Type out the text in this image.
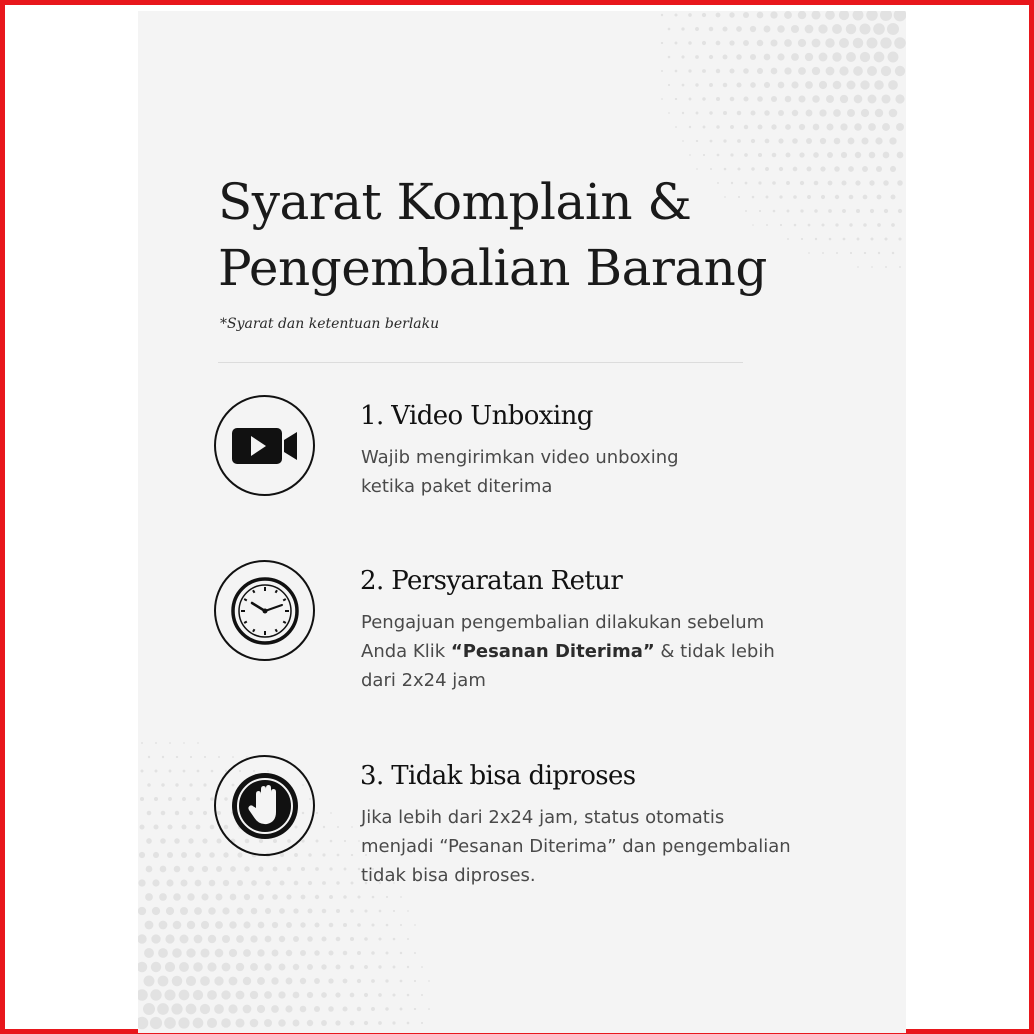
Syarat Komplain &
Pengembalian Barang
*Syarat dan ketentuan berlaku
1. Video Unboxing

Wajib mengirimkan video unboxing
ketika paket diterima

2. Persyaratan Retur

Pengajuan pengembalian dilakukan sebelum
Anda Klik “Pesanan Diterima” & tidak lebih
dari 2x24 jam

3. Tidak bisa diproses

Jika lebih dari 2x24 jam, status otomatis
menjadi “Pesanan Diterima” dan pengembalian
tidak bisa diproses.
